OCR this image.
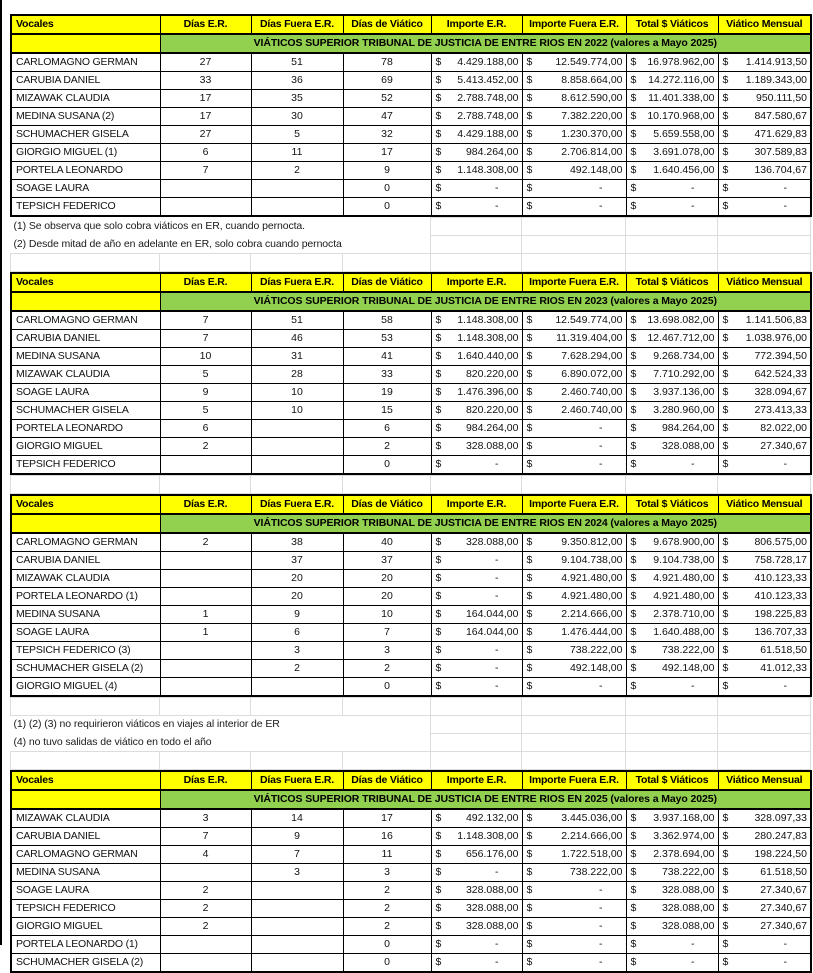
	VIÁTICOS SUPERIOR TRIBUNAL DE JUSTICIA DE ENTRE RIOS EN 2022 (valores a Mayo 2025)						
Vocales	Días E.R.	Días Fuera E.R.	Días de Viático	Importe E.R.	Importe Fuera E.R.	Total $ Viáticos	Viático Mensual
CARLOMAGNO GERMAN	27	51	78	$ 4.429.188,00	$ 12.549.774,00	$ 16.978.962,00	$ 1.414.913,50

CARUBIA DANIEL	33	36	69	$ 5.413.452,00	$ 8.858.664,00	$ 14.272.116,00	$ 1.189.343,00

MIZAWAK CLAUDIA	17	35	52	$ 2.788.748,00	$ 8.612.590,00	$ 11.401.338,00	$ 950.111,50

MEDINA SUSANA (2)	17	30	47	$ 2.788.748,00	$ 7.382.220,00	$ 10.170.968,00	$ 847.580,67

SCHUMACHER GISELA	27	5	32	$ 4.429.188,00	$ 1.230.370,00	$ 5.659.558,00	$ 471.629,83

GIORGIO MIGUEL (1)	6	11	17	$ 984.264,00	$ 2.706.814,00	$ 3.691.078,00	$ 307.589,83

PORTELA LEONARDO	7	2	9	$ 1.148.308,00	$ 492.148,00	$ 1.640.456,00	$ 136.704,67

SOAGE LAURA			0	$ -	$ -	$ -	$ -

TEPSICH FEDERICO			0	$ -	$ -	$ -	$ -
(1) Se observa que solo cobra viáticos en ER, cuando pernocta.							
(2) Desde mitad de año en adelante en ER, solo cobra cuando pernocta							

	VIÁTICOS SUPERIOR TRIBUNAL DE JUSTICIA DE ENTRE RIOS EN 2023 (valores a Mayo 2025)						
Vocales	Días E.R.	Días Fuera E.R.	Días de Viático	Importe E.R.	Importe Fuera E.R.	Total $ Viáticos	Viático Mensual
CARLOMAGNO GERMAN	7	51	58	$ 1.148.308,00	$ 12.549.774,00	$ 13.698.082,00	$ 1.141.506,83

CARUBIA DANIEL	7	46	53	$ 1.148.308,00	$ 11.319.404,00	$ 12.467.712,00	$ 1.038.976,00

MEDINA SUSANA	10	31	41	$ 1.640.440,00	$ 7.628.294,00	$ 9.268.734,00	$ 772.394,50

MIZAWAK CLAUDIA	5	28	33	$ 820.220,00	$ 6.890.072,00	$ 7.710.292,00	$ 642.524,33

SOAGE LAURA	9	10	19	$ 1.476.396,00	$ 2.460.740,00	$ 3.937.136,00	$ 328.094,67

SCHUMACHER GISELA	5	10	15	$ 820.220,00	$ 2.460.740,00	$ 3.280.960,00	$ 273.413,33

PORTELA LEONARDO	6		6	$ 984.264,00	$ -	$ 984.264,00	$ 82.022,00

GIORGIO MIGUEL	2		2	$ 328.088,00	$ -	$ 328.088,00	$ 27.340,67

TEPSICH FEDERICO			0	$ -	$ -	$ -	$ -

	VIÁTICOS SUPERIOR TRIBUNAL DE JUSTICIA DE ENTRE RIOS EN 2024 (valores a Mayo 2025)						
Vocales	Días E.R.	Días Fuera E.R.	Días de Viático	Importe E.R.	Importe Fuera E.R.	Total $ Viáticos	Viático Mensual
CARLOMAGNO GERMAN	2	38	40	$ 328.088,00	$ 9.350.812,00	$ 9.678.900,00	$ 806.575,00

CARUBIA DANIEL		37	37	$ -	$ 9.104.738,00	$ 9.104.738,00	$ 758.728,17

MIZAWAK CLAUDIA		20	20	$ -	$ 4.921.480,00	$ 4.921.480,00	$ 410.123,33

PORTELA LEONARDO (1)		20	20	$ -	$ 4.921.480,00	$ 4.921.480,00	$ 410.123,33

MEDINA SUSANA	1	9	10	$ 164.044,00	$ 2.214.666,00	$ 2.378.710,00	$ 198.225,83

SOAGE LAURA	1	6	7	$ 164.044,00	$ 1.476.444,00	$ 1.640.488,00	$ 136.707,33

TEPSICH FEDERICO (3)		3	3	$ -	$ 738.222,00	$ 738.222,00	$ 61.518,50

SCHUMACHER GISELA (2)		2	2	$ -	$ 492.148,00	$ 492.148,00	$ 41.012,33

GIORGIO MIGUEL (4)			0	$ -	$ -	$ -	$ -

(1) (2) (3) no requirieron viáticos en viajes al interior de ER							
(4) no tuvo salidas de viático en todo el año							

	VIÁTICOS SUPERIOR TRIBUNAL DE JUSTICIA DE ENTRE RIOS EN 2025 (valores a Mayo 2025)						
Vocales	Días E.R.	Días Fuera E.R.	Días de Viático	Importe E.R.	Importe Fuera E.R.	Total $ Viáticos	Viático Mensual
MIZAWAK CLAUDIA	3	14	17	$ 492.132,00	$ 3.445.036,00	$ 3.937.168,00	$ 328.097,33

CARUBIA DANIEL	7	9	16	$ 1.148.308,00	$ 2.214.666,00	$ 3.362.974,00	$ 280.247,83

CARLOMAGNO GERMAN	4	7	11	$ 656.176,00	$ 1.722.518,00	$ 2.378.694,00	$ 198.224,50

MEDINA SUSANA		3	3	$ -	$ 738.222,00	$ 738.222,00	$ 61.518,50

SOAGE LAURA	2		2	$ 328.088,00	$ -	$ 328.088,00	$ 27.340,67

TEPSICH FEDERICO	2		2	$ 328.088,00	$ -	$ 328.088,00	$ 27.340,67

GIORGIO MIGUEL	2		2	$ 328.088,00	$ -	$ 328.088,00	$ 27.340,67

PORTELA LEONARDO (1)			0	$ -	$ -	$ -	$ -

SCHUMACHER GISELA (2)			0	$ -	$ -	$ -	$ -
